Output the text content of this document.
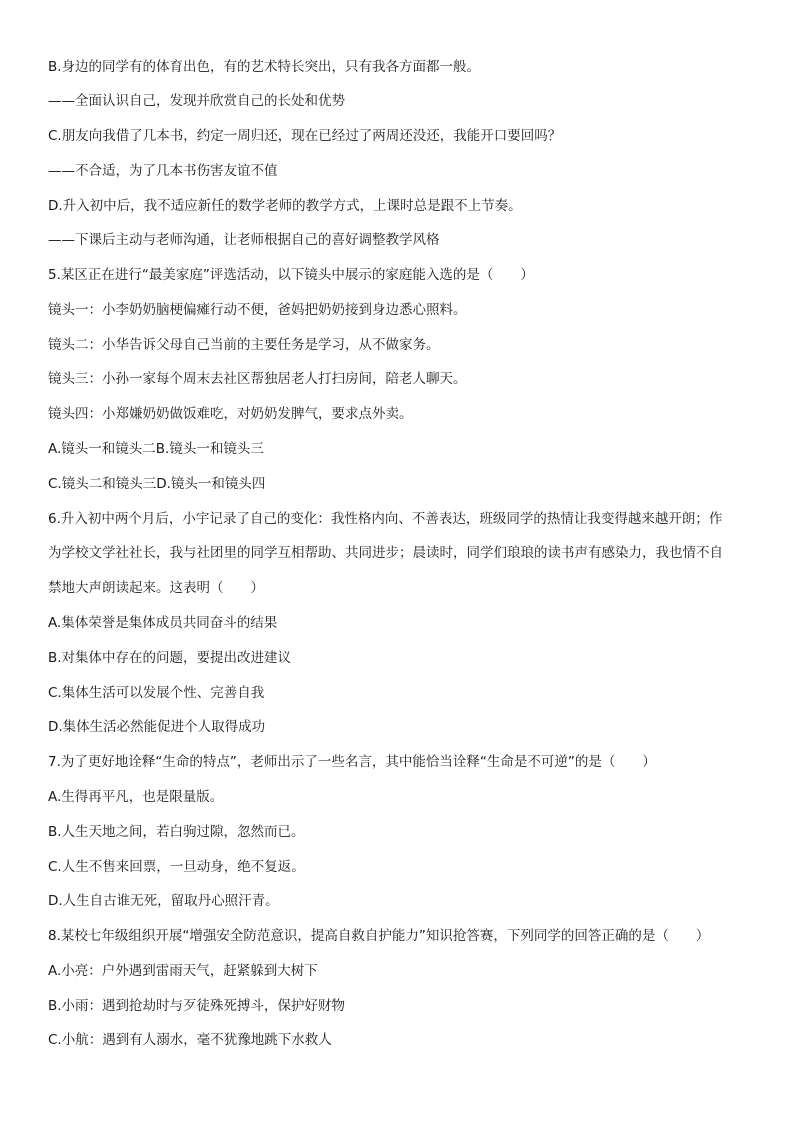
B.身边的同学有的体育出色，有的艺术特长突出，只有我各方面都一般。
——全面认识自己，发现并欣赏自己的长处和优势
C.朋友向我借了几本书，约定一周归还，现在已经过了两周还没还，我能开口要回吗？
——不合适，为了几本书伤害友谊不值
D.升入初中后，我不适应新任的数学老师的教学方式，上课时总是跟不上节奏。
——下课后主动与老师沟通，让老师根据自己的喜好调整教学风格
5.某区正在进行“最美家庭”评选活动，以下镜头中展示的家庭能入选的是（　　）
镜头一：小李奶奶脑梗偏瘫行动不便，爸妈把奶奶接到身边悉心照料。
镜头二：小华告诉父母自己当前的主要任务是学习，从不做家务。
镜头三：小孙一家每个周末去社区帮独居老人打扫房间，陪老人聊天。
镜头四：小郑嫌奶奶做饭难吃，对奶奶发脾气，要求点外卖。
A.镜头一和镜头二B.镜头一和镜头三
C.镜头二和镜头三D.镜头一和镜头四
6.升入初中两个月后，小宇记录了自己的变化：我性格内向、不善表达，班级同学的热情让我变得越来越开朗；作
为学校文学社社长，我与社团里的同学互相帮助、共同进步；晨读时，同学们琅琅的读书声有感染力，我也情不自
禁地大声朗读起来。这表明（　　）
A.集体荣誉是集体成员共同奋斗的结果
B.对集体中存在的问题，要提出改进建议
C.集体生活可以发展个性、完善自我
D.集体生活必然能促进个人取得成功
7.为了更好地诠释“生命的特点”，老师出示了一些名言，其中能恰当诠释“生命是不可逆”的是（　　）
A.生得再平凡，也是限量版。
B.人生天地之间，若白驹过隙，忽然而已。
C.人生不售来回票，一旦动身，绝不复返。
D.人生自古谁无死，留取丹心照汗青。
8.某校七年级组织开展“增强安全防范意识，提高自救自护能力”知识抢答赛，下列同学的回答正确的是（　　）
A.小亮：户外遇到雷雨天气，赶紧躲到大树下
B.小雨：遇到抢劫时与歹徒殊死搏斗，保护好财物
C.小航：遇到有人溺水，毫不犹豫地跳下水救人
